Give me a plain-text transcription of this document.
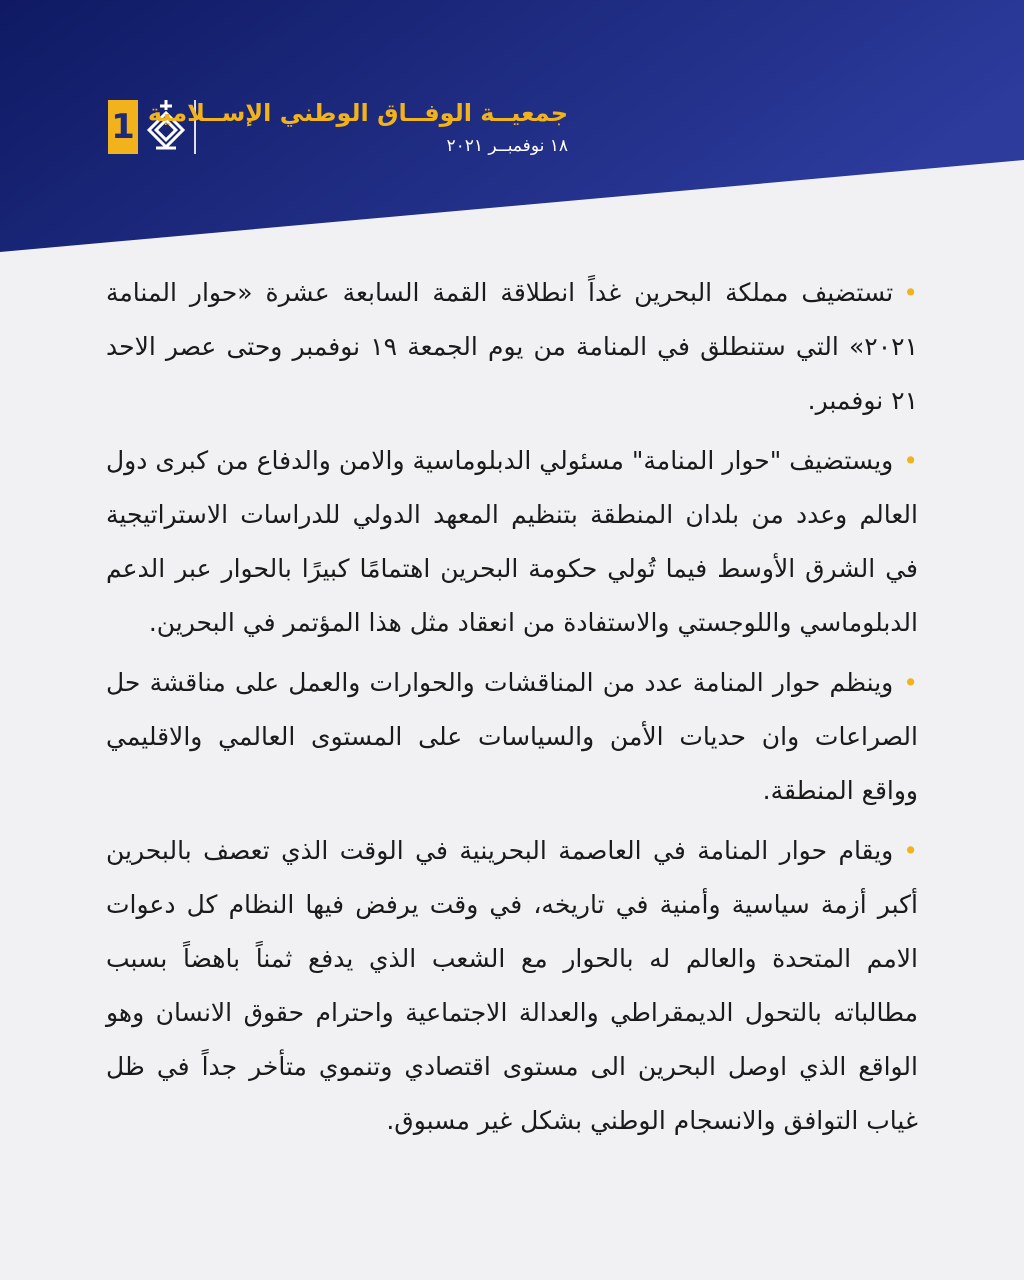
1 جمعيــة الوفــاق الوطني الإســلامية
١٨ نوفمبــر ٢٠٢١

•تستضيف مملكة البحرين غداً انطلاقة القمة السابعة عشرة «حوار المنامة ٢٠٢١» التي ستنطلق في المنامة من يوم الجمعة ١٩ نوفمبر وحتى عصر الاحد ٢١ نوفمبر.

•ويستضيف "حوار المنامة" مسئولي الدبلوماسية والامن والدفاع من كبرى دول العالم وعدد من بلدان المنطقة بتنظيم المعهد الدولي للدراسات الاستراتيجية في الشرق الأوسط فيما تُولي حكومة البحرين اهتمامًا كبيرًا بالحوار عبر الدعم الدبلوماسي واللوجستي والاستفادة من انعقاد مثل هذا المؤتمر في البحرين.

•وينظم حوار المنامة عدد من المناقشات والحوارات والعمل على مناقشة حل الصراعات وان حديات الأمن والسياسات على المستوى العالمي والاقليمي وواقع المنطقة.

•ويقام حوار المنامة في العاصمة البحرينية في الوقت الذي تعصف بالبحرين أكبر أزمة سياسية وأمنية في تاريخه، في وقت يرفض فيها النظام كل دعوات الامم المتحدة والعالم له بالحوار مع الشعب الذي يدفع ثمناً باهضاً بسبب مطالباته بالتحول الديمقراطي والعدالة الاجتماعية واحترام حقوق الانسان وهو الواقع الذي اوصل البحرين الى مستوى اقتصادي وتنموي متأخر جداً في ظل غياب التوافق والانسجام الوطني بشكل غير مسبوق.
